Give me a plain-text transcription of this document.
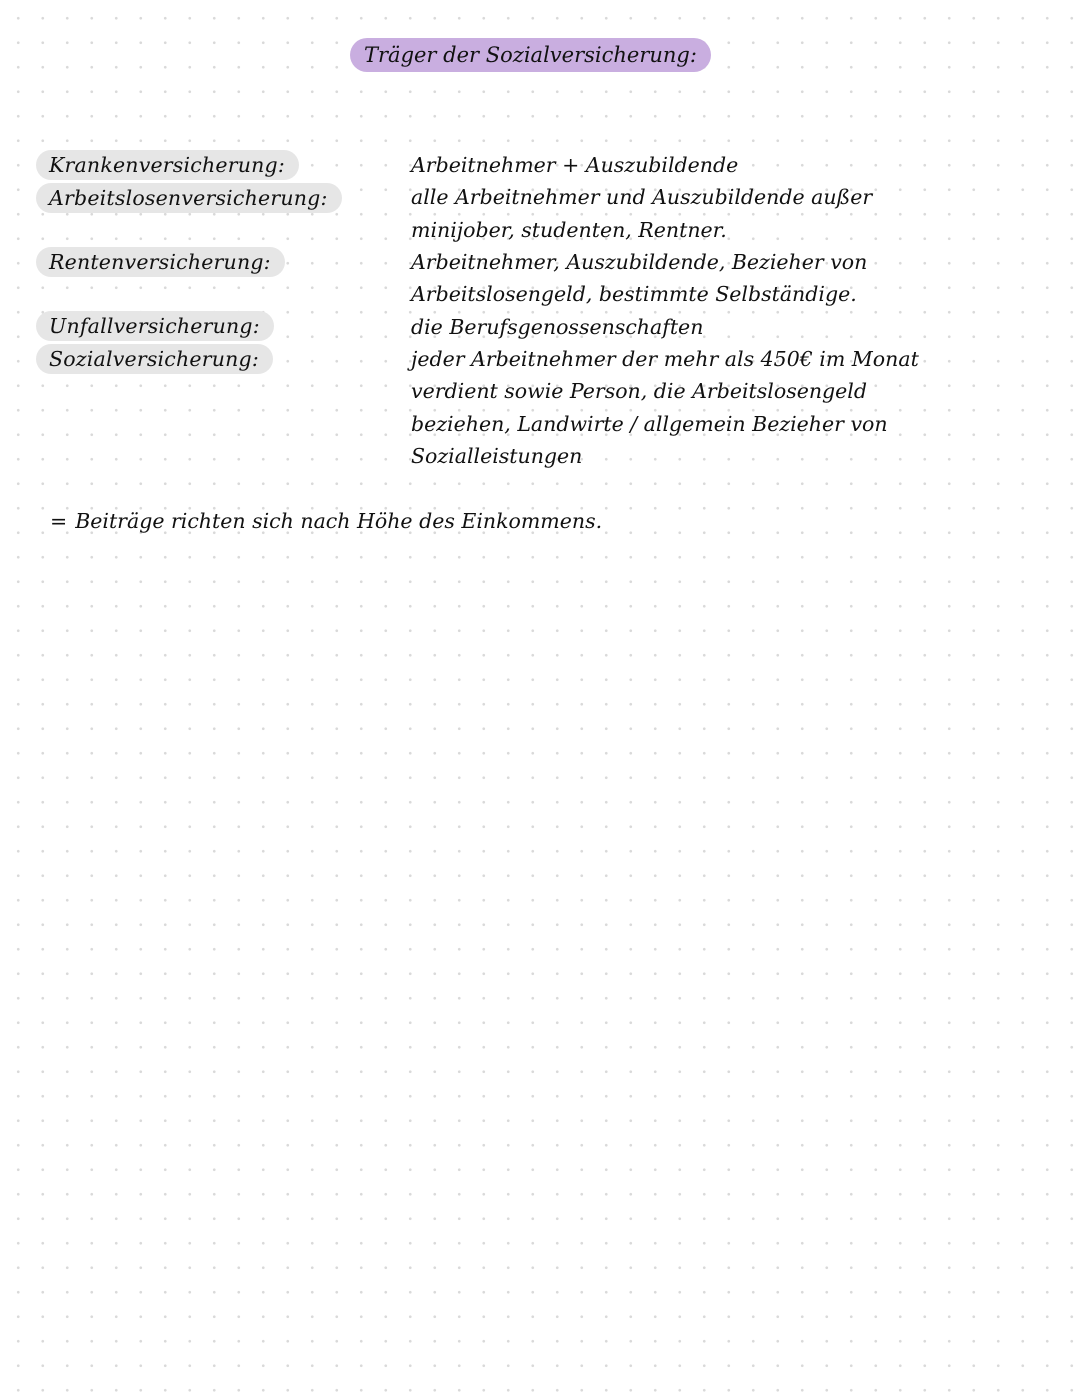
Träger der Sozialversicherung:
Krankenversicherung:
Arbeitslosenversicherung:
Rentenversicherung:
Unfallversicherung:
Sozialversicherung:
Arbeitnehmer + Auszubildende
alle Arbeitnehmer und Auszubildende außer
minijober, studenten, Rentner.
Arbeitnehmer, Auszubildende, Bezieher von
Arbeitslosengeld, bestimmte Selbständige.
die Berufsgenossenschaften
jeder Arbeitnehmer der mehr als 450€ im Monat
verdient sowie Person, die Arbeitslosengeld
beziehen, Landwirte / allgemein Bezieher von
Sozialleistungen
= Beiträge richten sich nach Höhe des Einkommens.
